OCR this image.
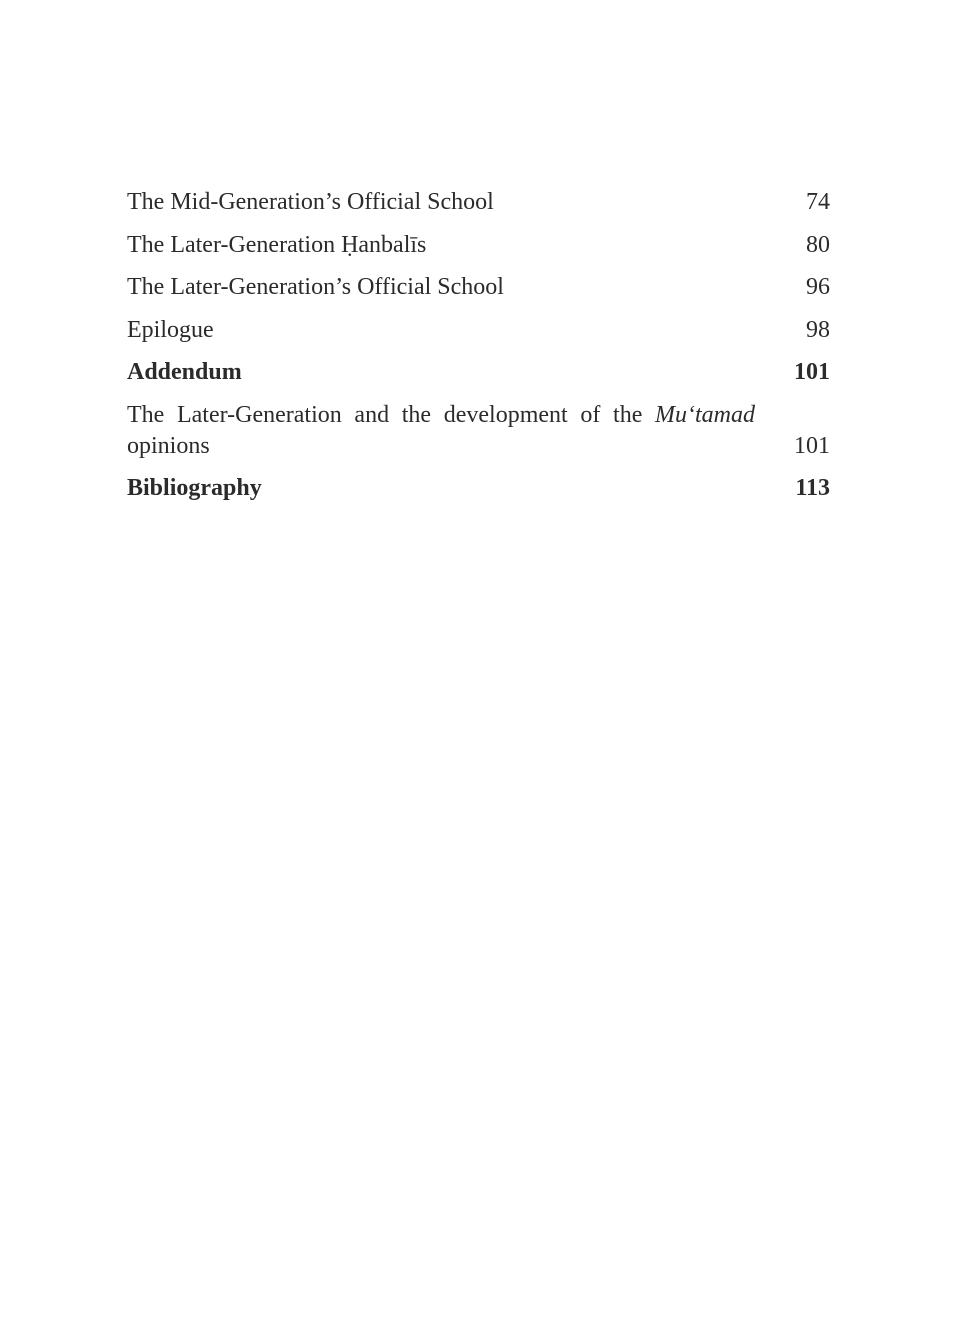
The Mid-Generation’s Official School	74
The Later-Generation Ḥanbalīs	80
The Later-Generation’s Official School	96
Epilogue	98
Addendum	101
The Later-Generation and the development of the Mu‘tamad
opinions	101
Bibliography	113
